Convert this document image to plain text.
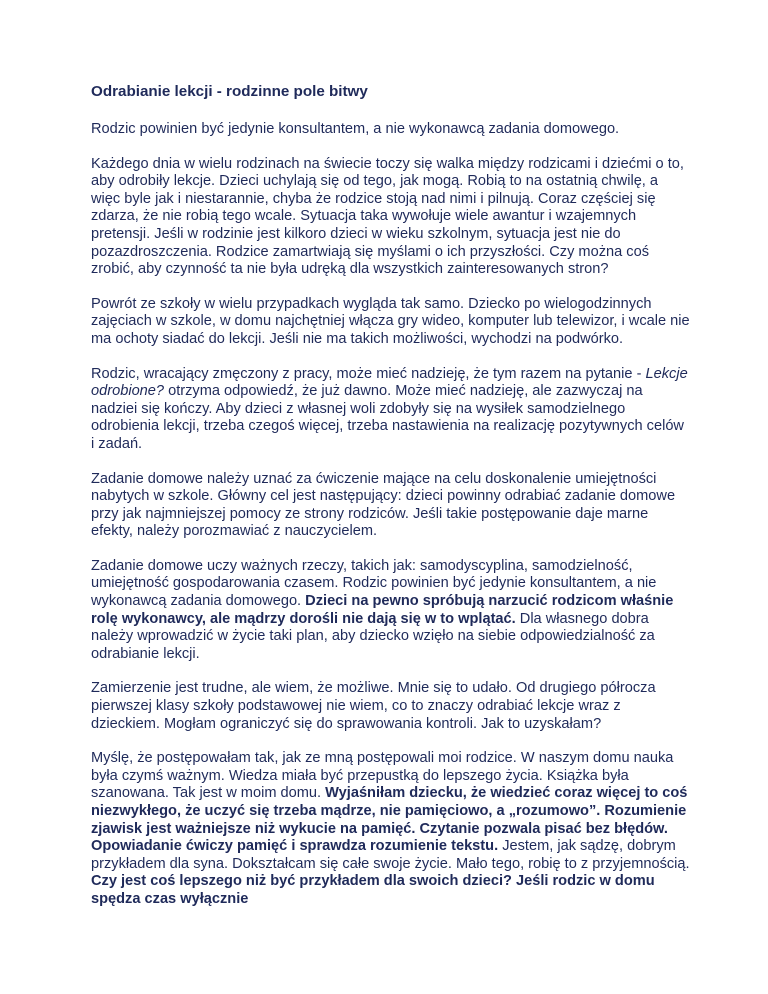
Odrabianie lekcji - rodzinne pole bitwy

Rodzic powinien być jedynie konsultantem, a nie wykonawcą zadania domowego.

Każdego dnia w wielu rodzinach na świecie toczy się walka między rodzicami i dziećmi o to, aby odrobiły lekcje. Dzieci uchylają się od tego, jak mogą. Robią to na ostatnią chwilę, a więc byle jak i niestarannie, chyba że rodzice stoją nad nimi i pilnują. Coraz częściej się zdarza, że nie robią tego wcale. Sytuacja taka wywołuje wiele awantur i wzajemnych pretensji. Jeśli w rodzinie jest kilkoro dzieci w wieku szkolnym, sytuacja jest nie do pozazdroszczenia. Rodzice zamartwiają się myślami o ich przyszłości. Czy można coś zrobić, aby czynność ta nie była udręką dla wszystkich zainteresowanych stron?

Powrót ze szkoły w wielu przypadkach wygląda tak samo. Dziecko po wielogodzinnych zajęciach w szkole, w domu najchętniej włącza gry wideo, komputer lub telewizor, i wcale nie ma ochoty siadać do lekcji. Jeśli nie ma takich możliwości, wychodzi na podwórko.

Rodzic, wracający zmęczony z pracy, może mieć nadzieję, że tym razem na pytanie - Lekcje odrobione? otrzyma odpowiedź, że już dawno. Może mieć nadzieję, ale zazwyczaj na nadziei się kończy. Aby dzieci z własnej woli zdobyły się na wysiłek samodzielnego odrobienia lekcji, trzeba czegoś więcej, trzeba nastawienia na realizację pozytywnych celów i zadań.

Zadanie domowe należy uznać za ćwiczenie mające na celu doskonalenie umiejętności nabytych w szkole. Główny cel jest następujący: dzieci powinny odrabiać zadanie domowe przy jak najmniejszej pomocy ze strony rodziców. Jeśli takie postępowanie daje marne efekty, należy porozmawiać z nauczycielem.

Zadanie domowe uczy ważnych rzeczy, takich jak: samodyscyplina, samodzielność, umiejętność gospodarowania czasem. Rodzic powinien być jedynie konsultantem, a nie wykonawcą zadania domowego. Dzieci na pewno spróbują narzucić rodzicom właśnie rolę wykonawcy, ale mądrzy dorośli nie dają się w to wplątać. Dla własnego dobra należy wprowadzić w życie taki plan, aby dziecko wzięło na siebie odpowiedzialność za odrabianie lekcji.

Zamierzenie jest trudne, ale wiem, że możliwe. Mnie się to udało. Od drugiego półrocza pierwszej klasy szkoły podstawowej nie wiem, co to znaczy odrabiać lekcje wraz z dzieckiem. Mogłam ograniczyć się do sprawowania kontroli. Jak to uzyskałam?

Myślę, że postępowałam tak, jak ze mną postępowali moi rodzice. W naszym domu nauka była czymś ważnym. Wiedza miała być przepustką do lepszego życia. Książka była szanowana. Tak jest w moim domu. Wyjaśniłam dziecku, że wiedzieć coraz więcej to coś niezwykłego, że uczyć się trzeba mądrze, nie pamięciowo, a „rozumowo”. Rozumienie zjawisk jest ważniejsze niż wykucie na pamięć. Czytanie pozwala pisać bez błędów. Opowiadanie ćwiczy pamięć i sprawdza rozumienie tekstu. Jestem, jak sądzę, dobrym przykładem dla syna. Dokształcam się całe swoje życie. Mało tego, robię to z przyjemnością. Czy jest coś lepszego niż być przykładem dla swoich dzieci? Jeśli rodzic w domu spędza czas wyłącznie
